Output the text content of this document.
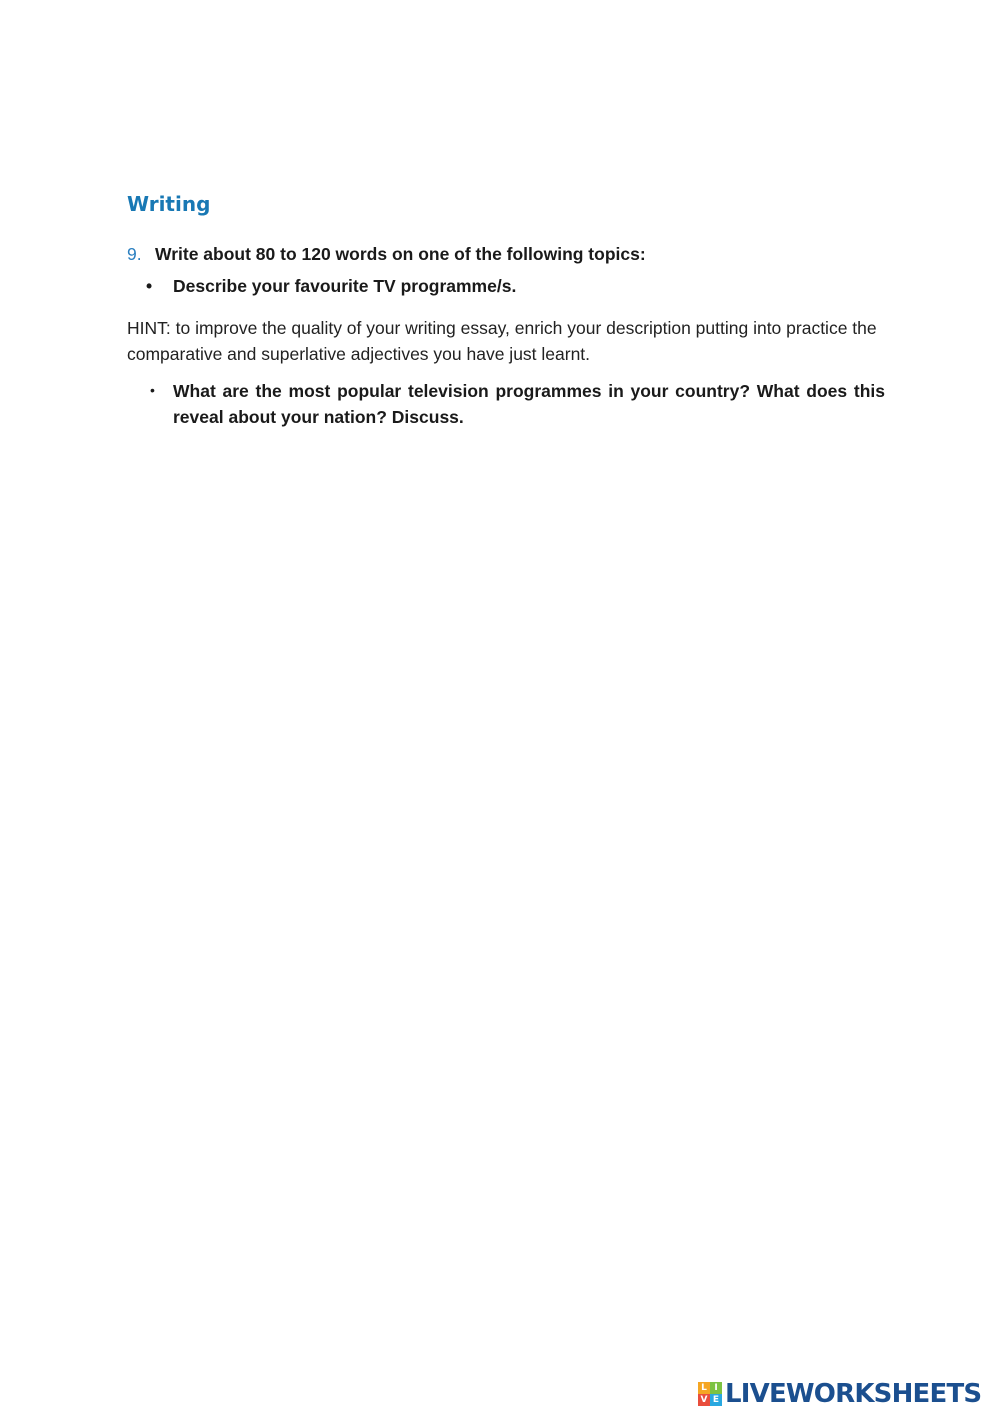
Writing
9. Write about 80 to 120 words on one of the following topics:
• Describe your favourite TV programme/s.

HINT: to improve the quality of your writing essay, enrich your description putting into practice the comparative and superlative adjectives you have just learnt.

• What are the most popular television programmes in your country? What does this reveal about your nation? Discuss.
L I
V E LIVEWORKSHEETS
